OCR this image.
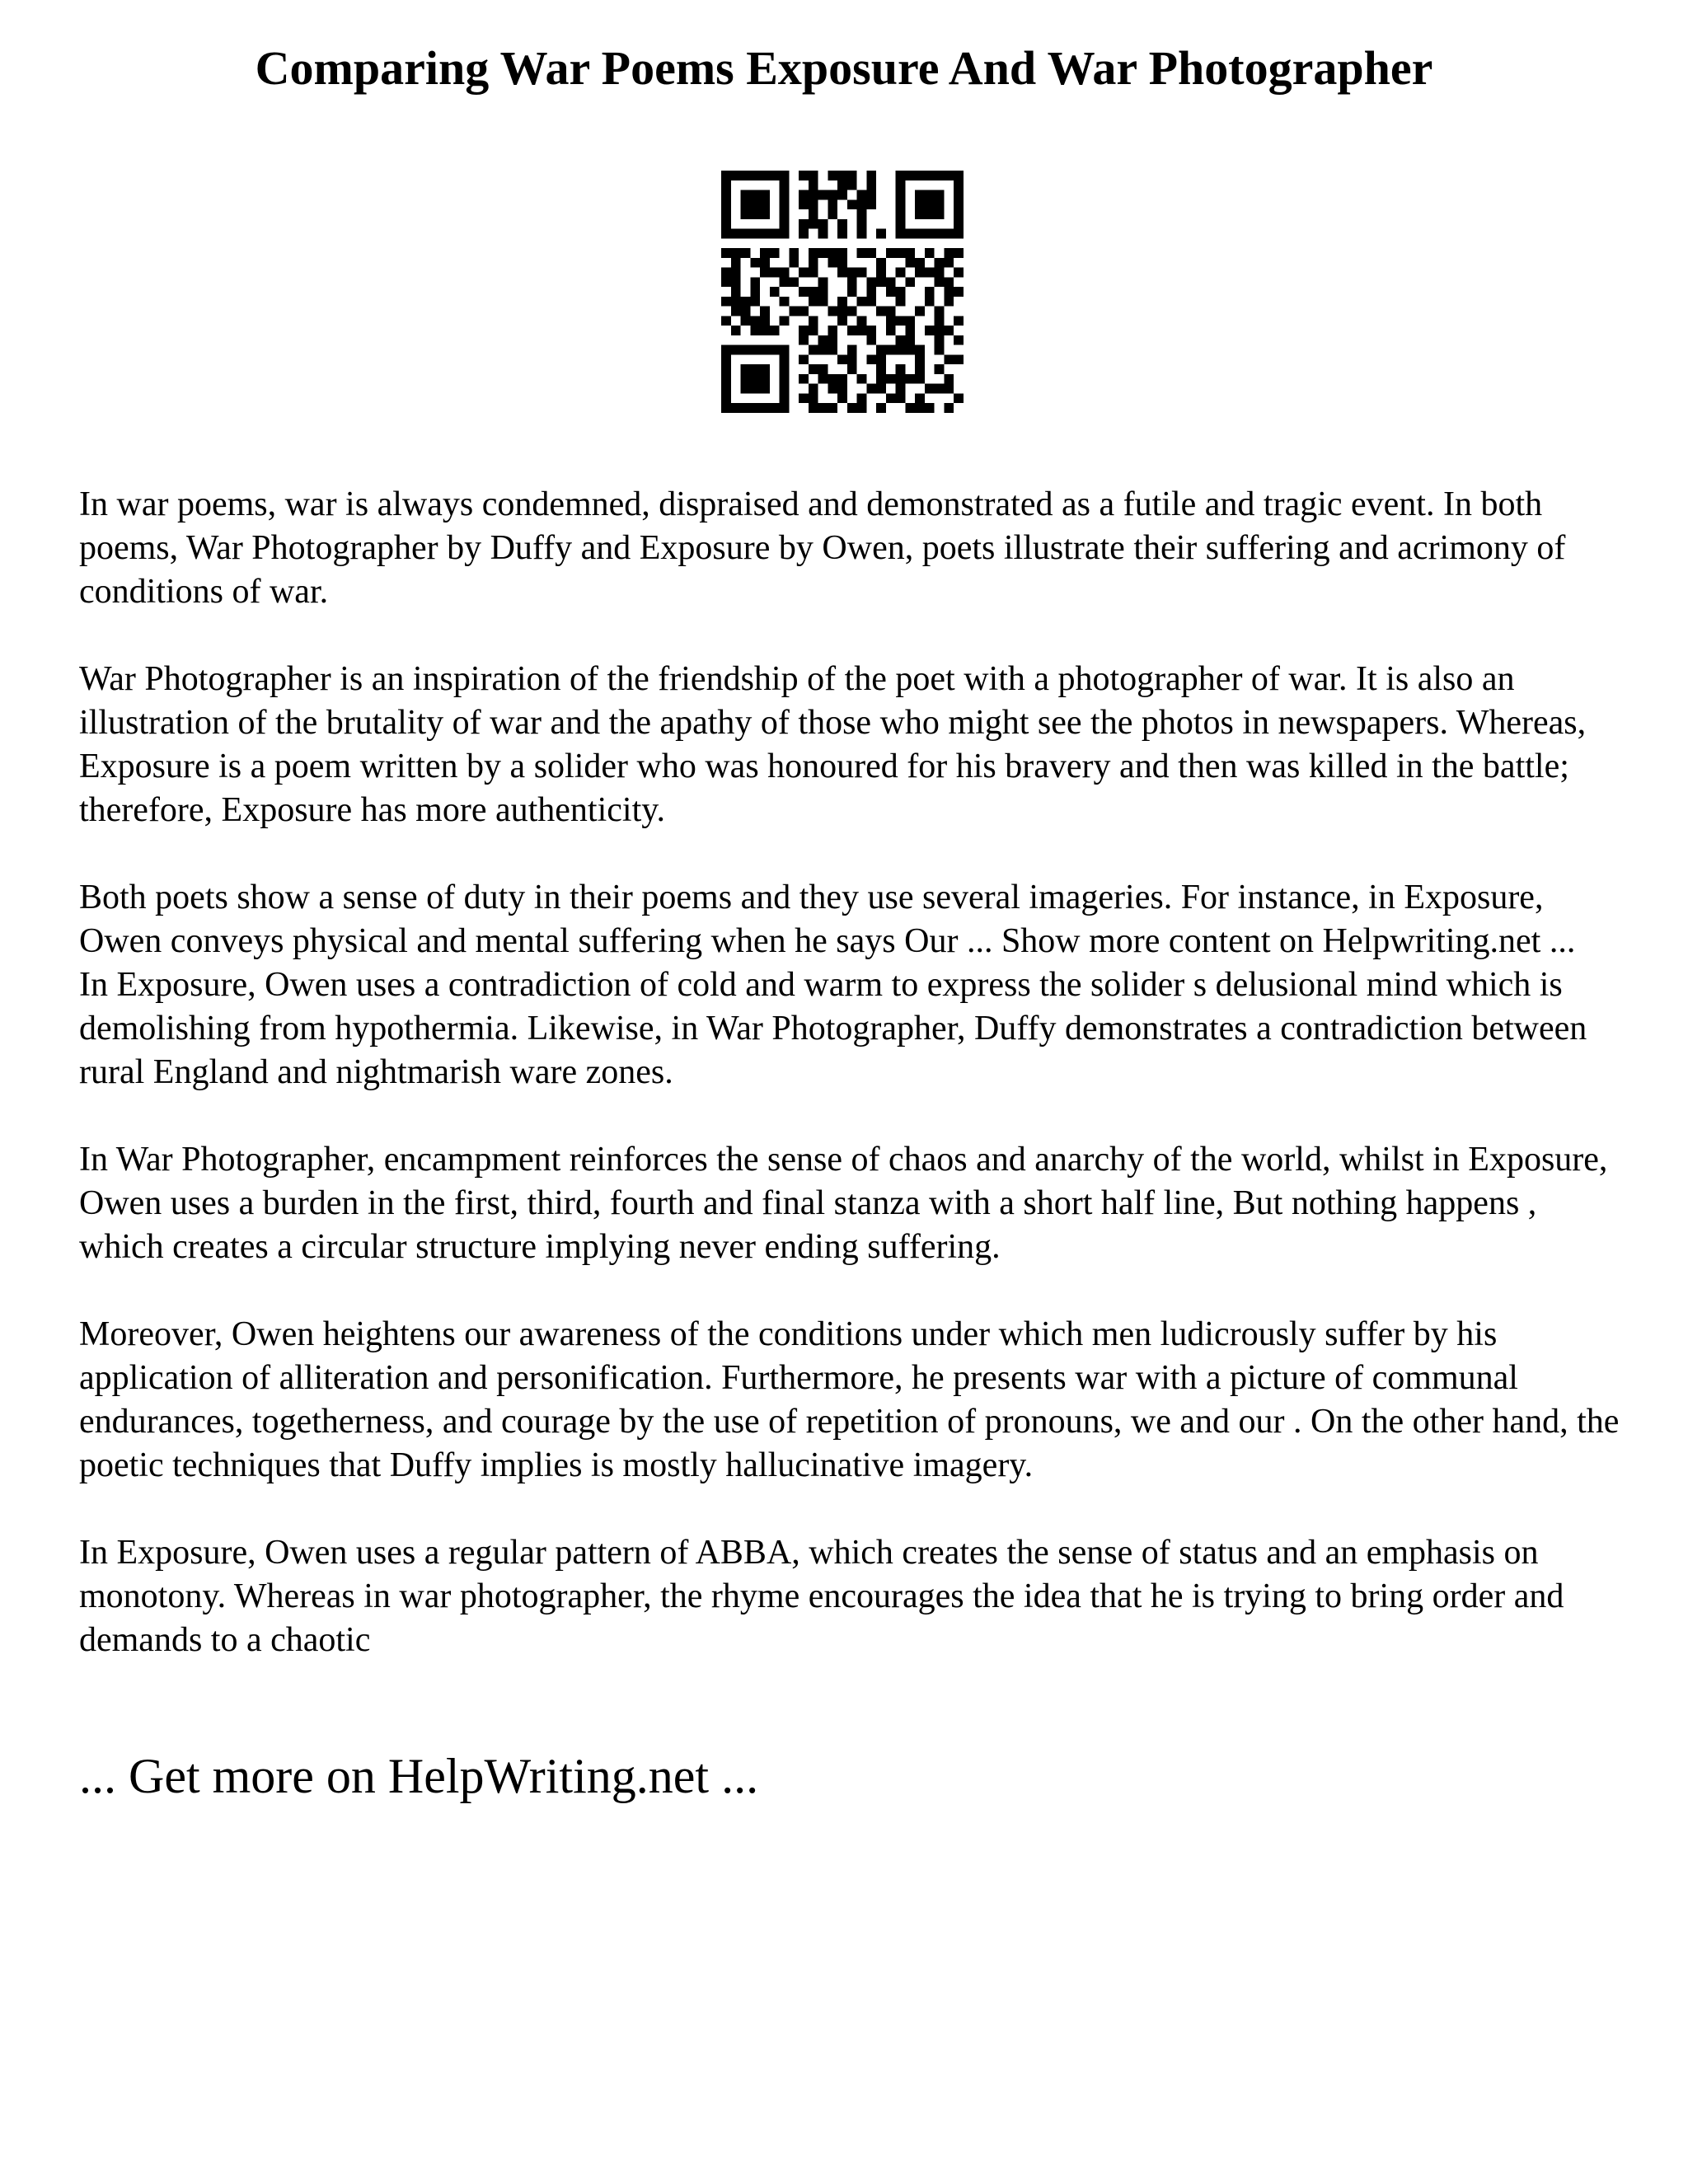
Comparing War Poems Exposure And War Photographer

In war poems, war is always condemned, dispraised and demonstrated as a futile and tragic event. In both poems, War Photographer by Duffy and Exposure by Owen, poets illustrate their suffering and acrimony of conditions of war.

War Photographer is an inspiration of the friendship of the poet with a photographer of war. It is also an illustration of the brutality of war and the apathy of those who might see the photos in newspapers. Whereas, Exposure is a poem written by a solider who was honoured for his bravery and then was killed in the battle; therefore, Exposure has more authenticity.

Both poets show a sense of duty in their poems and they use several imageries. For instance, in Exposure, Owen conveys physical and mental suffering when he says Our ... Show more content on Helpwriting.net ...

In Exposure, Owen uses a contradiction of cold and warm to express the solider s delusional mind which is demolishing from hypothermia. Likewise, in War Photographer, Duffy demonstrates a contradiction between rural England and nightmarish ware zones.

In War Photographer, encampment reinforces the sense of chaos and anarchy of the world, whilst in Exposure, Owen uses a burden in the first, third, fourth and final stanza with a short half line, But nothing happens , which creates a circular structure implying never ending suffering.

Moreover, Owen heightens our awareness of the conditions under which men ludicrously suffer by his application of alliteration and personification. Furthermore, he presents war with a picture of communal endurances, togetherness, and courage by the use of repetition of pronouns, we and our . On the other hand, the poetic techniques that Duffy implies is mostly hallucinative imagery.

In Exposure, Owen uses a regular pattern of ABBA, which creates the sense of status and an emphasis on monotony. Whereas in war photographer, the rhyme encourages the idea that he is trying to bring order and demands to a chaotic

... Get more on HelpWriting.net ...
